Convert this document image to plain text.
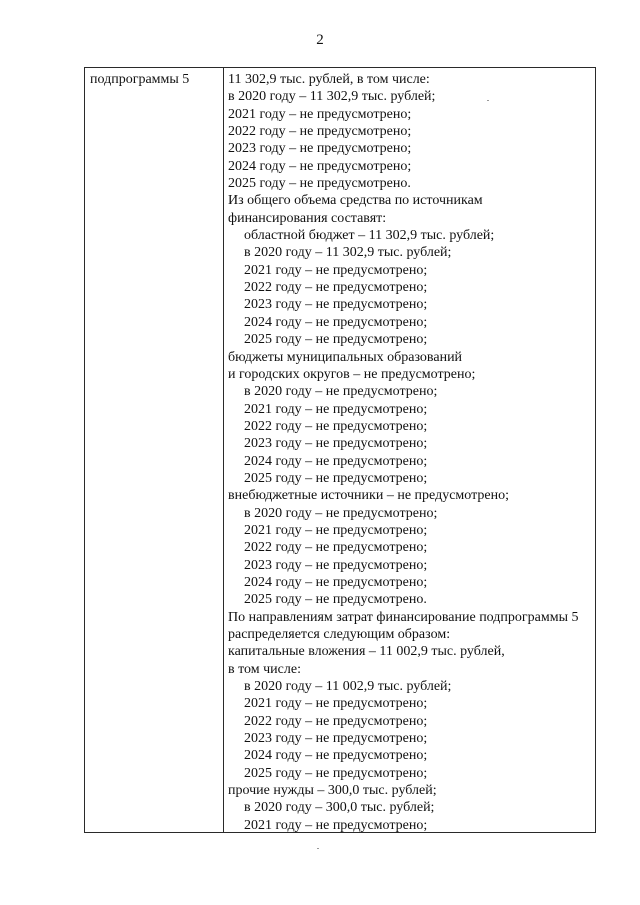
2
подпрограммы 5	11 302,9 тыс. рублей, в том числе:
в 2020 году – 11 302,9 тыс. рублей;
2021 году – не предусмотрено;
2022 году – не предусмотрено;
2023 году – не предусмотрено;
2024 году – не предусмотрено;
2025 году – не предусмотрено.
Из общего объема средства по источникам
финансирования составят:
областной бюджет – 11 302,9 тыс. рублей;
в 2020 году – 11 302,9 тыс. рублей;
2021 году – не предусмотрено;
2022 году – не предусмотрено;
2023 году – не предусмотрено;
2024 году – не предусмотрено;
2025 году – не предусмотрено;
бюджеты муниципальных образований
и городских округов – не предусмотрено;
в 2020 году – не предусмотрено;
2021 году – не предусмотрено;
2022 году – не предусмотрено;
2023 году – не предусмотрено;
2024 году – не предусмотрено;
2025 году – не предусмотрено;
внебюджетные источники – не предусмотрено;
в 2020 году – не предусмотрено;
2021 году – не предусмотрено;
2022 году – не предусмотрено;
2023 году – не предусмотрено;
2024 году – не предусмотрено;
2025 году – не предусмотрено.
По направлениям затрат финансирование подпрограммы 5
распределяется следующим образом:
капитальные вложения – 11 002,9 тыс. рублей,
в том числе:
в 2020 году – 11 002,9 тыс. рублей;
2021 году – не предусмотрено;
2022 году – не предусмотрено;
2023 году – не предусмотрено;
2024 году – не предусмотрено;
2025 году – не предусмотрено;
прочие нужды – 300,0 тыс. рублей;
в 2020 году – 300,0 тыс. рублей;
2021 году – не предусмотрено;
